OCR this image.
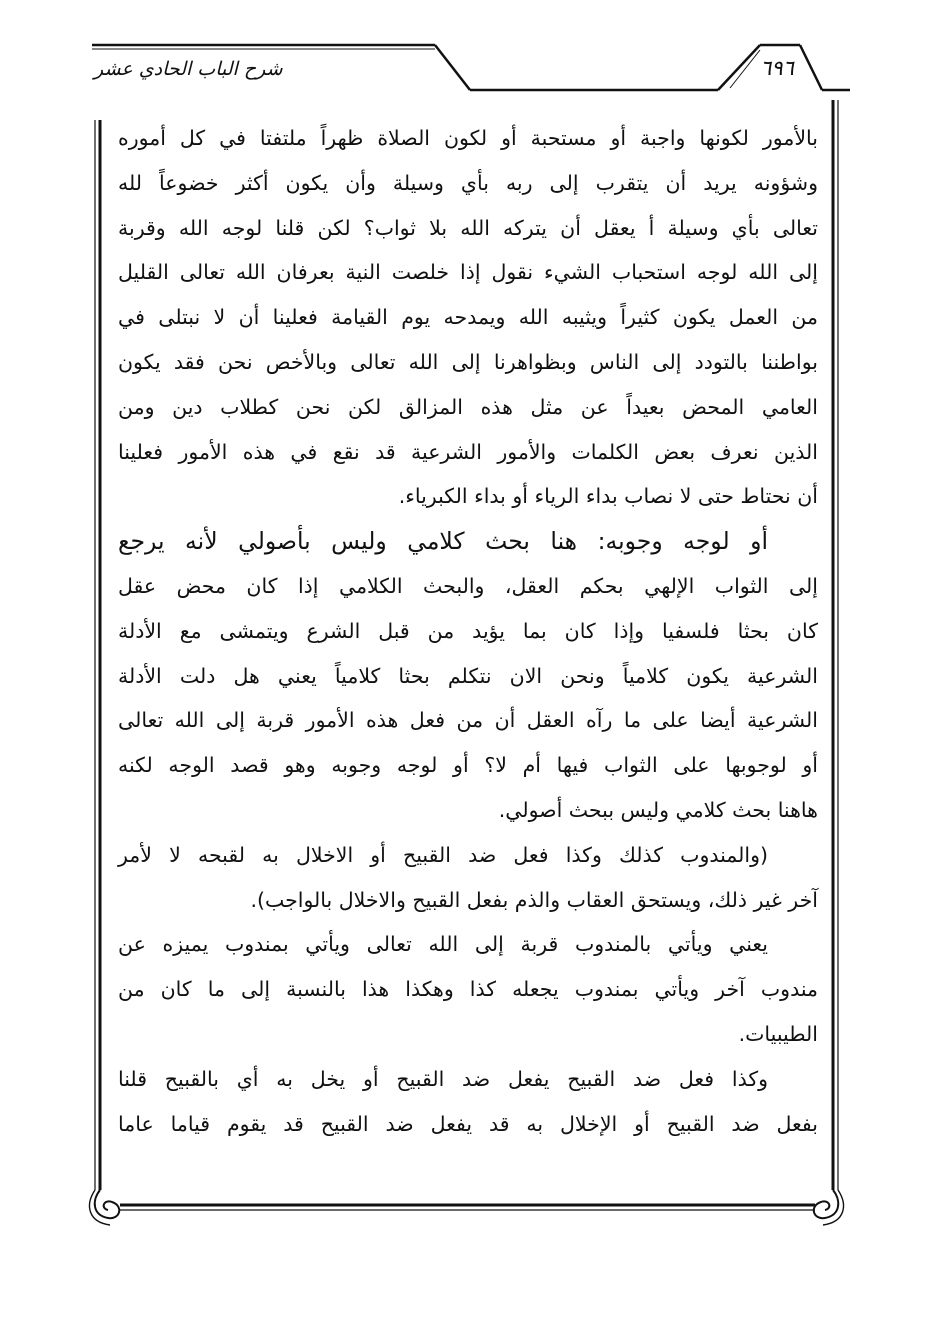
شرح الباب الحادي عشر	٦٩٦

بالأمور لكونها واجبة أو مستحبة أو لكون الصلاة ظهراً ملتفتا في كل أموره

وشؤونه يريد أن يتقرب إلى ربه بأي وسيلة وأن يكون أكثر خضوعاً لله

تعالى بأي وسيلة أ يعقل أن يتركه الله بلا ثواب؟ لكن قلنا لوجه الله وقربة

إلى الله لوجه استحباب الشيء نقول إذا خلصت النية بعرفان الله تعالى القليل

من العمل يكون كثيراً ويثيبه الله ويمدحه يوم القيامة فعلينا أن لا نبتلى في

بواطننا بالتودد إلى الناس وبظواهرنا إلى الله تعالى وبالأخص نحن فقد يكون

العامي المحض بعيداً عن مثل هذه المزالق لكن نحن كطلاب دين ومن

الذين نعرف بعض الكلمات والأمور الشرعية قد نقع في هذه الأمور فعلينا

أن نحتاط حتى لا نصاب بداء الرياء أو بداء الكبرياء.

أو لوجه وجوبه: هنا بحث كلامي وليس بأصولي لأنه يرجع

إلى الثواب الإلهي بحكم العقل، والبحث الكلامي إذا كان محض عقل

كان بحثا فلسفيا وإذا كان بما يؤيد من قبل الشرع ويتمشى مع الأدلة

الشرعية يكون كلامياً ونحن الان نتكلم بحثا كلامياً يعني هل دلت الأدلة

الشرعية أيضا على ما رآه العقل أن من فعل هذه الأمور قربة إلى الله تعالى

أو لوجوبها على الثواب فيها أم لا؟ أو لوجه وجوبه وهو قصد الوجه لكنه

هاهنا بحث كلامي وليس ببحث أصولي.

(والمندوب كذلك وكذا فعل ضد القبيح أو الاخلال به لقبحه لا لأمر

آخر غير ذلك، ويستحق العقاب والذم بفعل القبيح والاخلال بالواجب).

يعني ويأتي بالمندوب قربة إلى الله تعالى ويأتي بمندوب يميزه عن

مندوب آخر ويأتي بمندوب يجعله كذا وهكذا هذا بالنسبة إلى ما كان من

الطيبيات.

وكذا فعل ضد القبيح يفعل ضد القبيح أو يخل به أي بالقبيح قلنا

بفعل ضد القبيح أو الإخلال به قد يفعل ضد القبيح قد يقوم قياما عاما
